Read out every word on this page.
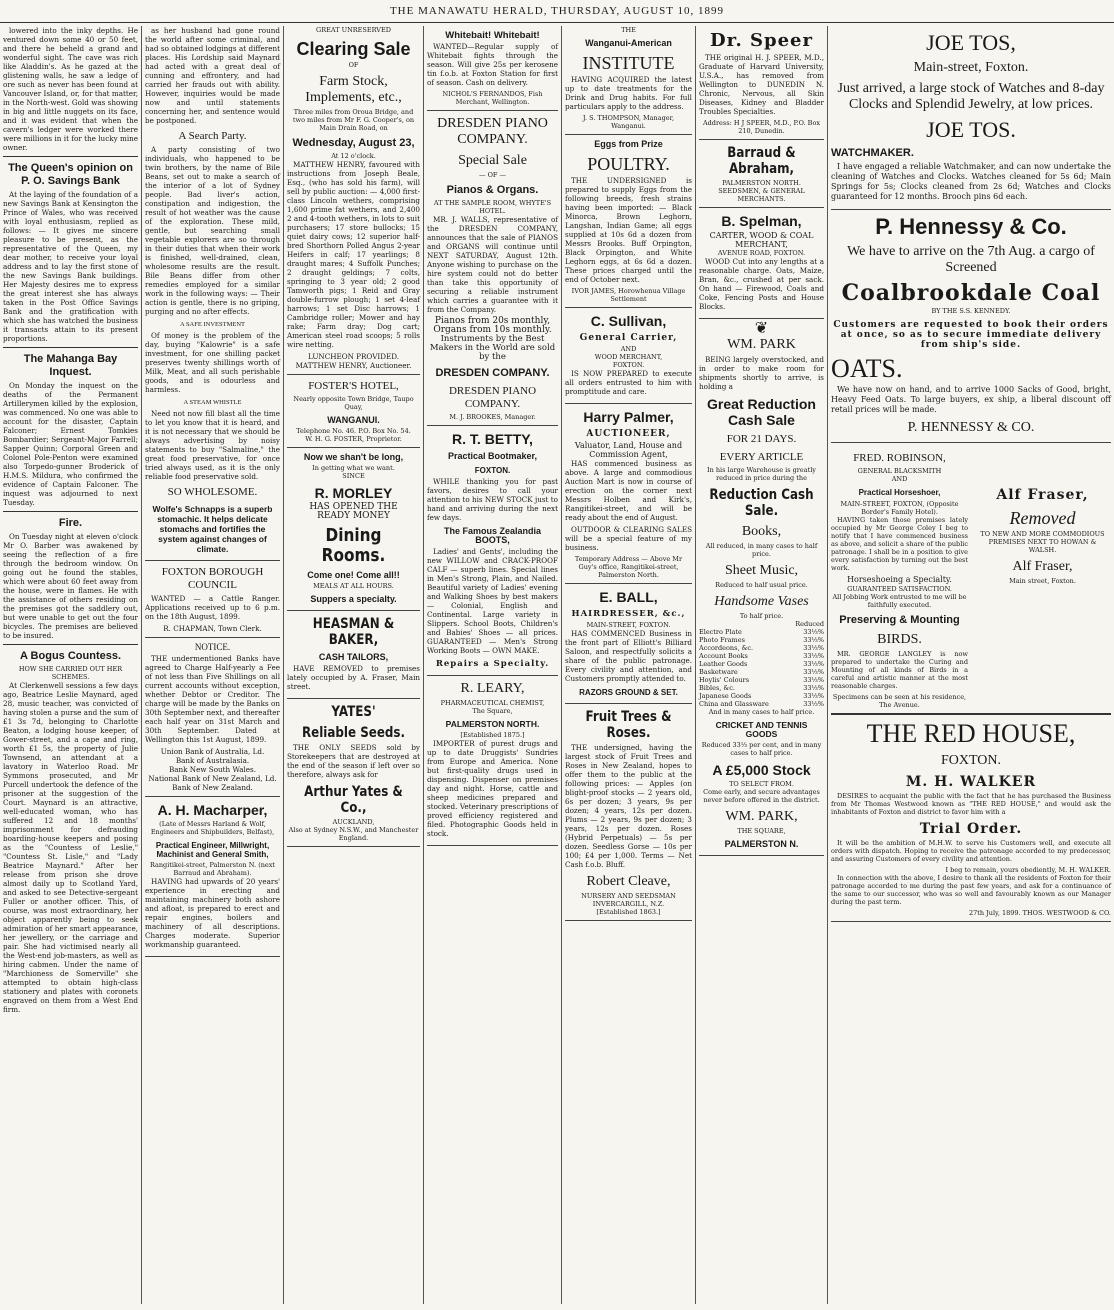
THE MANAWATU HERALD, THURSDAY, AUGUST 10, 1899

lowered into the inky depths. He ventured down some 40 or 50 feet, and there he beheld a grand and wonderful sight. The cave was rich like Aladdin's. As he gazed at the glistening walls, he saw a ledge of ore such as never has been found at Vancouver Island, or, for that matter, in the North-west. Gold was showing in big and little nuggets on its face, and it was evident that when the cavern's ledger were worked there were millions in it for the lucky mine owner.

The Queen's opinion on P. O. Savings Bank

At the laying of the foundation of a new Savings Bank at Kensington the Prince of Wales, who was received with loyal enthusiasm, replied as follows: — It gives me sincere pleasure to be present, as the representative of the Queen, my dear mother, to receive your loyal address and to lay the first stone of the new Savings Bank buildings. Her Majesty desires me to express the great interest she has always taken in the Post Office Savings Bank and the gratification with which she has watched the business it transacts attain to its present proportions.

The Mahanga Bay Inquest.

On Monday the inquest on the deaths of the Permanent Artillerymen killed by the explosion, was commenced. No one was able to account for the disaster, Captain Falconer; Ernest Tomkies Bombardier; Sergeant-Major Farrell; Sapper Quinn; Corporal Green and Colonel Pole-Penton were examined also Torpedo-gunner Broderick of H.M.S. Mildura, who confirmed the evidence of Captain Falconer. The inquest was adjourned to next Tuesday.

Fire.

On Tuesday night at eleven o'clock Mr O. Barber was awakened by seeing the reflection of a fire through the bedroom window. On going out he found the stables, which were about 60 feet away from the house, were in flames. He with the assistance of others residing on the premises got the saddlery out, but were unable to get out the four bicycles. The premises are believed to be insured.

A Bogus Countess.
HOW SHE CARRIED OUT HER SCHEMES.

At Clerkenwell sessions a few days ago, Beatrice Leslie Maynard, aged 28, music teacher, was convicted of having stolen a purse and the sum of £1 3s 7d, belonging to Charlotte Beaton, a lodging house keeper, of Gower-street, and a cape and ring, worth £1 5s, the property of Julie Townsend, an attendant at a lavatory in Waterloo Road. Mr Symmons prosecuted, and Mr Purcell undertook the defence of the prisoner at the suggestion of the Court. Maynard is an attractive, well-educated woman, who has suffered 12 and 18 months' imprisonment for defrauding boarding-house keepers and posing as the "Countess of Leslie," "Countess St. Lisle," and "Lady Beatrice Maynard." After her release from prison she drove almost daily up to Scotland Yard, and asked to see Detective-sergeant Fuller or another officer. This, of course, was most extraordinary, her object apparently being to seek admiration of her smart appearance, her jewellery, or the carriage and pair. She had victimised nearly all the West-end job-masters, as well as hiring cabmen. Under the name of "Marchioness de Somerville" she attempted to obtain high-class stationery and plates with coronets engraved on them from a West End firm.

as her husband had gone round the world after some criminal, and had so obtained lodgings at different places. His Lordship said Maynard had acted with a great deal of cunning and effrontery, and had carried her frauds out with ability. However, inquiries would be made now and until statements concerning her, and sentence would be postponed.

A Search Party.

A party consisting of two individuals, who happened to be twin brothers, by the name of Bile Beans, set out to make a search of the interior of a lot of Sydney people. Bad liver's action, constipation and indigestion, the result of hot weather was the cause of the exploration. These mild, gentle, but searching small vegetable explorers are so through in their duties that when their work is finished, well-drained, clean, wholesome results are the result. Bile Beans differ from other remedies employed for a similar work in the following ways: — Their action is gentle, there is no griping, purging and no after effects.

A SAFE INVESTMENT

Of money is the problem of the day, buying "Kalowrie" is a safe investment, for one shilling packet preserves twenty shillings worth of Milk, Meat, and all such perishable goods, and is odourless and harmless.

A STEAM WHISTLE

Need not now fill blast all the time to let you know that it is heard, and it is not necessary that we should be always advertising by noisy statements to buy "Salmaline," the great food preservative, for once tried always used, as it is the only reliable food preservative sold.

SO WHOLESOME.
Wolfe's Schnapps is a superb stomachic. It helps delicate stomachs and fortifies the system against changes of climate.
FOXTON BOROUGH COUNCIL

WANTED — a Cattle Ranger. Applications received up to 6 p.m. on the 18th August, 1899.

R. CHAPMAN, Town Clerk.
NOTICE.

THE undermentioned Banks have agreed to Charge Half-yearly a Fee of not less than Five Shillings on all current accounts without exception, whether Debtor or Creditor. The charge will be made by the Banks on 30th September next, and thereafter each half year on 31st March and 30th September. Dated at Wellington this 1st August, 1899.

Union Bank of Australia, Ld.
Bank of Australasia.
Bank New South Wales.
National Bank of New Zealand, Ld.
Bank of New Zealand.
A. H. Macharper,
(Late of Messrs Harland & Wolf, Engineers and Shipbuilders, Belfast),
Practical Engineer, Millwright, Machinist and General Smith,
Rangitikei-street, Palmerston N. (next Barraud and Abraham).

HAVING had upwards of 20 years' experience in erecting and maintaining machinery both ashore and afloat, is prepared to erect and repair engines, boilers and machinery of all descriptions. Charges moderate. Superior workmanship guaranteed.

GREAT UNRESERVED
Clearing Sale
OF
Farm Stock, Implements, etc.,
Three miles from Oroua Bridge, and two miles from Mr F. G. Cooper's, on Main Drain Road, on
Wednesday, August 23,
At 12 o'clock.

MATTHEW HENRY, favoured with instructions from Joseph Beale, Esq., (who has sold his farm), will sell by public auction: — 4,000 first-class Lincoln wethers, comprising 1,600 prime fat wethers, and 2,400 2 and 4-tooth wethers, in lots to suit purchasers; 17 store bullocks; 15 quiet dairy cows; 12 superior half-bred Shorthorn Polled Angus 2-year Heifers in calf; 17 yearlings; 8 draught mares; 4 Suffolk Punches; 2 draught geldings; 7 colts, springing to 3 year old; 2 good Tamworth pigs; 1 Reid and Gray double-furrow plough; 1 set 4-leaf harrows; 1 set Disc harrows; 1 Cambridge roller; Mower and hay rake; Farm dray; Dog cart; American steel road scoops; 5 rolls wire netting.

LUNCHEON PROVIDED.
MATTHEW HENRY, Auctioneer.
FOSTER'S HOTEL,
Nearly opposite Town Bridge, Taupo Quay,
WANGANUI.
Telephone No. 46. P.O. Box No. 54.
W. H. G. FOSTER, Proprietor.
Now we shan't be long,
In getting what we want.
SINCE
R. MORLEY
HAS OPENED THE
READY MONEY
Dining Rooms.
Come one! Come all!!
MEALS AT ALL HOURS.
Suppers a specialty.
HEASMAN & BAKER,
CASH TAILORS,

HAVE REMOVED to premises lately occupied by A. Fraser, Main street.

YATES'
Reliable Seeds.

THE ONLY SEEDS sold by Storekeepers that are destroyed at the end of the season if left over so therefore, always ask for

Arthur Yates & Co.,
AUCKLAND,
Also at Sydney N.S.W., and Manchester England.
Whitebait! Whitebait!

WANTED—Regular supply of Whitebait fights through the season. Will give 25s per kerosene tin f.o.b. at Foxton Station for first of season. Cash on delivery.

NICHOL'S FERNANDOS, Fish Merchant, Wellington.
DRESDEN PIANO COMPANY.
Special Sale
— OF —
Pianos & Organs.
AT THE SAMPLE ROOM, WHYTE'S HOTEL.

MR. J. WALLS, representative of the DRESDEN COMPANY, announces that the sale of PIANOS and ORGANS will continue until NEXT SATURDAY, August 12th. Anyone wishing to purchase on the hire system could not do better than take this opportunity of securing a reliable instrument which carries a guarantee with it from the Company.

Pianos from 20s monthly, Organs from 10s monthly.
Instruments by the Best Makers in the World are sold by the
DRESDEN COMPANY.
DRESDEN PIANO COMPANY.
M. J. BROOKES, Manager.
R. T. BETTY,
Practical Bootmaker,
FOXTON.

WHILE thanking you for past favors, desires to call your attention to his NEW STOCK just to hand and arriving during the next few days.

The Famous Zealandia BOOTS,

Ladies' and Gents', including the new WILLOW and CRACK-PROOF CALF — superb lines. Special lines in Men's Strong, Plain, and Nailed. Beautiful variety of Ladies' evening and Walking Shoes by best makers — Colonial, English and Continental. Large variety in Slippers. School Boots, Children's and Babies' Shoes — all prices. GUARANTEED — Men's Strong Working Boots — OWN MAKE.

Repairs a Specialty.
R. LEARY,
PHARMACEUTICAL CHEMIST,
The Square,
PALMERSTON NORTH.
[Established 1875.]

IMPORTER of purest drugs and up to date Druggists' Sundries from Europe and America. None but first-quality drugs used in dispensing. Dispenser on premises day and night. Horse, cattle and sheep medicines prepared and stocked. Veterinary prescriptions of proved efficiency registered and filed. Photographic Goods held in stock.

THE
Wanganui-American
INSTITUTE

HAVING ACQUIRED the latest up to date treatments for the Drink and Drug habits. For full particulars apply to the address.

J. S. THOMPSON, Manager, Wanganui.
Eggs from Prize
POULTRY.

THE UNDERSIGNED is prepared to supply Eggs from the following breeds, fresh strains having been imported: — Black Minorca, Brown Leghorn, Langshan, Indian Game; all eggs supplied at 10s 6d a dozen from Messrs Brooks. Buff Orpington, Black Orpington, and White Leghorn eggs, at 6s 6d a dozen. These prices charged until the end of October next.

IVOR JAMES, Horowhenua Village Settlement
C. Sullivan,
General Carrier,
AND
WOOD MERCHANT,
FOXTON.

IS NOW PREPARED to execute all orders entrusted to him with promptitude and care.

Harry Palmer,
AUCTIONEER,
Valuator, Land, House and Commission Agent,

HAS commenced business as above. A large and commodious Auction Mart is now in course of erection on the corner next Messrs Holben and Kirk's, Rangitikei-street, and will be ready about the end of August.

OUTDOOR & CLEARING SALES will be a special feature of my business.

Temporary Address — Above Mr Guy's office, Rangitikei-street, Palmerston North.
E. BALL,
HAIRDRESSER, &c.,
MAIN-STREET, FOXTON.

HAS COMMENCED Business in the front part of Elliott's Billiard Saloon, and respectfully solicits a share of the public patronage. Every civility and attention, and Customers promptly attended to.

RAZORS GROUND & SET.
Fruit Trees & Roses.

THE undersigned, having the largest stock of Fruit Trees and Roses in New Zealand, hopes to offer them to the public at the following prices: — Apples (on blight-proof stocks — 2 years old, 6s per dozen; 3 years, 9s per dozen; 4 years, 12s per dozen. Plums — 2 years, 9s per dozen; 3 years, 12s per dozen. Roses (Hybrid Perpetuals) — 5s per dozen. Seedless Gorse — 10s per 100; £4 per 1,000. Terms — Net Cash f.o.b. Bluff.

Robert Cleave,
NURSERY AND SEEDSMAN
INVERCARGILL, N.Z.
[Established 1863.]
Dr. Speer

THE original H. J. SPEER, M.D., Graduate of Harvard University, U.S.A., has removed from Wellington to DUNEDIN N. Chronic, Nervous, all Skin Diseases, Kidney and Bladder Troubles Specialties.

Address: H J SPEER, M.D., P.O. Box 210, Dunedin.
Barraud & Abraham,
PALMERSTON NORTH.
SEEDSMEN, & GENERAL MERCHANTS.
B. Spelman,
CARTER, WOOD & COAL MERCHANT,
AVENUE ROAD, FOXTON.

WOOD Cut into any lengths at a reasonable charge. Oats, Maize, Bran, &c., crushed at per sack. On hand — Firewood, Coals and Coke, Fencing Posts and House Blocks.

❦
WM. PARK

BEING largely overstocked, and in order to make room for shipments shortly to arrive, is holding a

Great Reduction Cash Sale
FOR 21 DAYS.
EVERY ARTICLE
In his large Warehouse is greatly reduced in price during the
Reduction Cash Sale.
Books,
All reduced, in many cases to half price.
Sheet Music,
Reduced to half usual price.
Handsome Vases
To half price.
Reduced
Electro Plate	33⅓%
Photo Frames	33⅓%
Accordeons, &c.	33⅓%
Account Books	33⅓%
Leather Goods	33⅓%
Basketware	33⅓%
Hoylis' Colours	33⅓%
Bibles, &c.	33⅓%
Japanese Goods	33⅓%
China and Glassware	33⅓%
And in many cases to half price.
CRICKET AND TENNIS GOODS
Reduced 33⅓ per cent, and in many cases to half price.
A £5,000 Stock
TO SELECT FROM.
Come early, and secure advantages never before offered in the district.
WM. PARK,
THE SQUARE,
PALMERSTON N.
JOE TOS,
Main-street, Foxton.
Just arrived, a large stock of Watches and 8-day Clocks and Splendid Jewelry, at low prices.
JOE TOS.
WATCHMAKER.

I have engaged a reliable Watchmaker, and can now undertake the cleaning of Watches and Clocks. Watches cleaned for 5s 6d; Main Springs for 5s; Clocks cleaned from 2s 6d; Watches and Clocks guaranteed for 12 months. Brooch pins 6d each.

P. Hennessy & Co.
We have to arrive on the 7th Aug. a cargo of Screened
Coalbrookdale Coal
BY THE S.S. KENNEDY.
Customers are requested to book their orders at once, so as to secure immediate delivery from ship's side.
OATS.

We have now on hand, and to arrive 1000 Sacks of Good, bright, Heavy Feed Oats. To large buyers, ex ship, a liberal discount off retail prices will be made.

P. HENNESSY & CO.
FRED. ROBINSON,
GENERAL BLACKSMITH
AND
Practical Horseshoer,
MAIN-STREET, FOXTON, (Opposite Border's Family Hotel).

HAVING taken those premises lately occupied by Mr George Coley I beg to notify that I have commenced business as above, and solicit a share of the public patronage. I shall be in a position to give every satisfaction by turning out the best work.

Horseshoeing a Specialty.
GUARANTEED SATISFACTION.
All Jobbing Work entrusted to me will be faithfully executed.
Preserving & Mounting
BIRDS.

MR. GEORGE LANGLEY is now prepared to undertake the Curing and Mounting of all kinds of Birds in a careful and artistic manner at the most reasonable charges.

Specimens can be seen at his residence, The Avenue.
Alf Fraser,
Removed
TO NEW AND MORE COMMODIOUS PREMISES NEXT TO HOWAN & WALSH.
Alf Fraser,
Main street, Foxton.
THE RED HOUSE,
FOXTON.
M. H. WALKER

DESIRES to acquaint the public with the fact that he has purchased the Business from Mr Thomas Westwood known as "THE RED HOUSE," and would ask the inhabitants of Foxton and district to favor him with a

Trial Order.

It will be the ambition of M.H.W. to serve his Customers well, and execute all orders with dispatch. Hoping to receive the patronage accorded to my predecessor, and assuring Customers of every civility and attention.

I beg to remain, yours obediently, M. H. WALKER.

In connection with the above, I desire to thank all the residents of Foxton for their patronage accorded to me during the past few years, and ask for a continuance of the same to our successor, who was so well and favourably known as our Manager during the past term.

27th July, 1899. THOS. WESTWOOD & CO.
